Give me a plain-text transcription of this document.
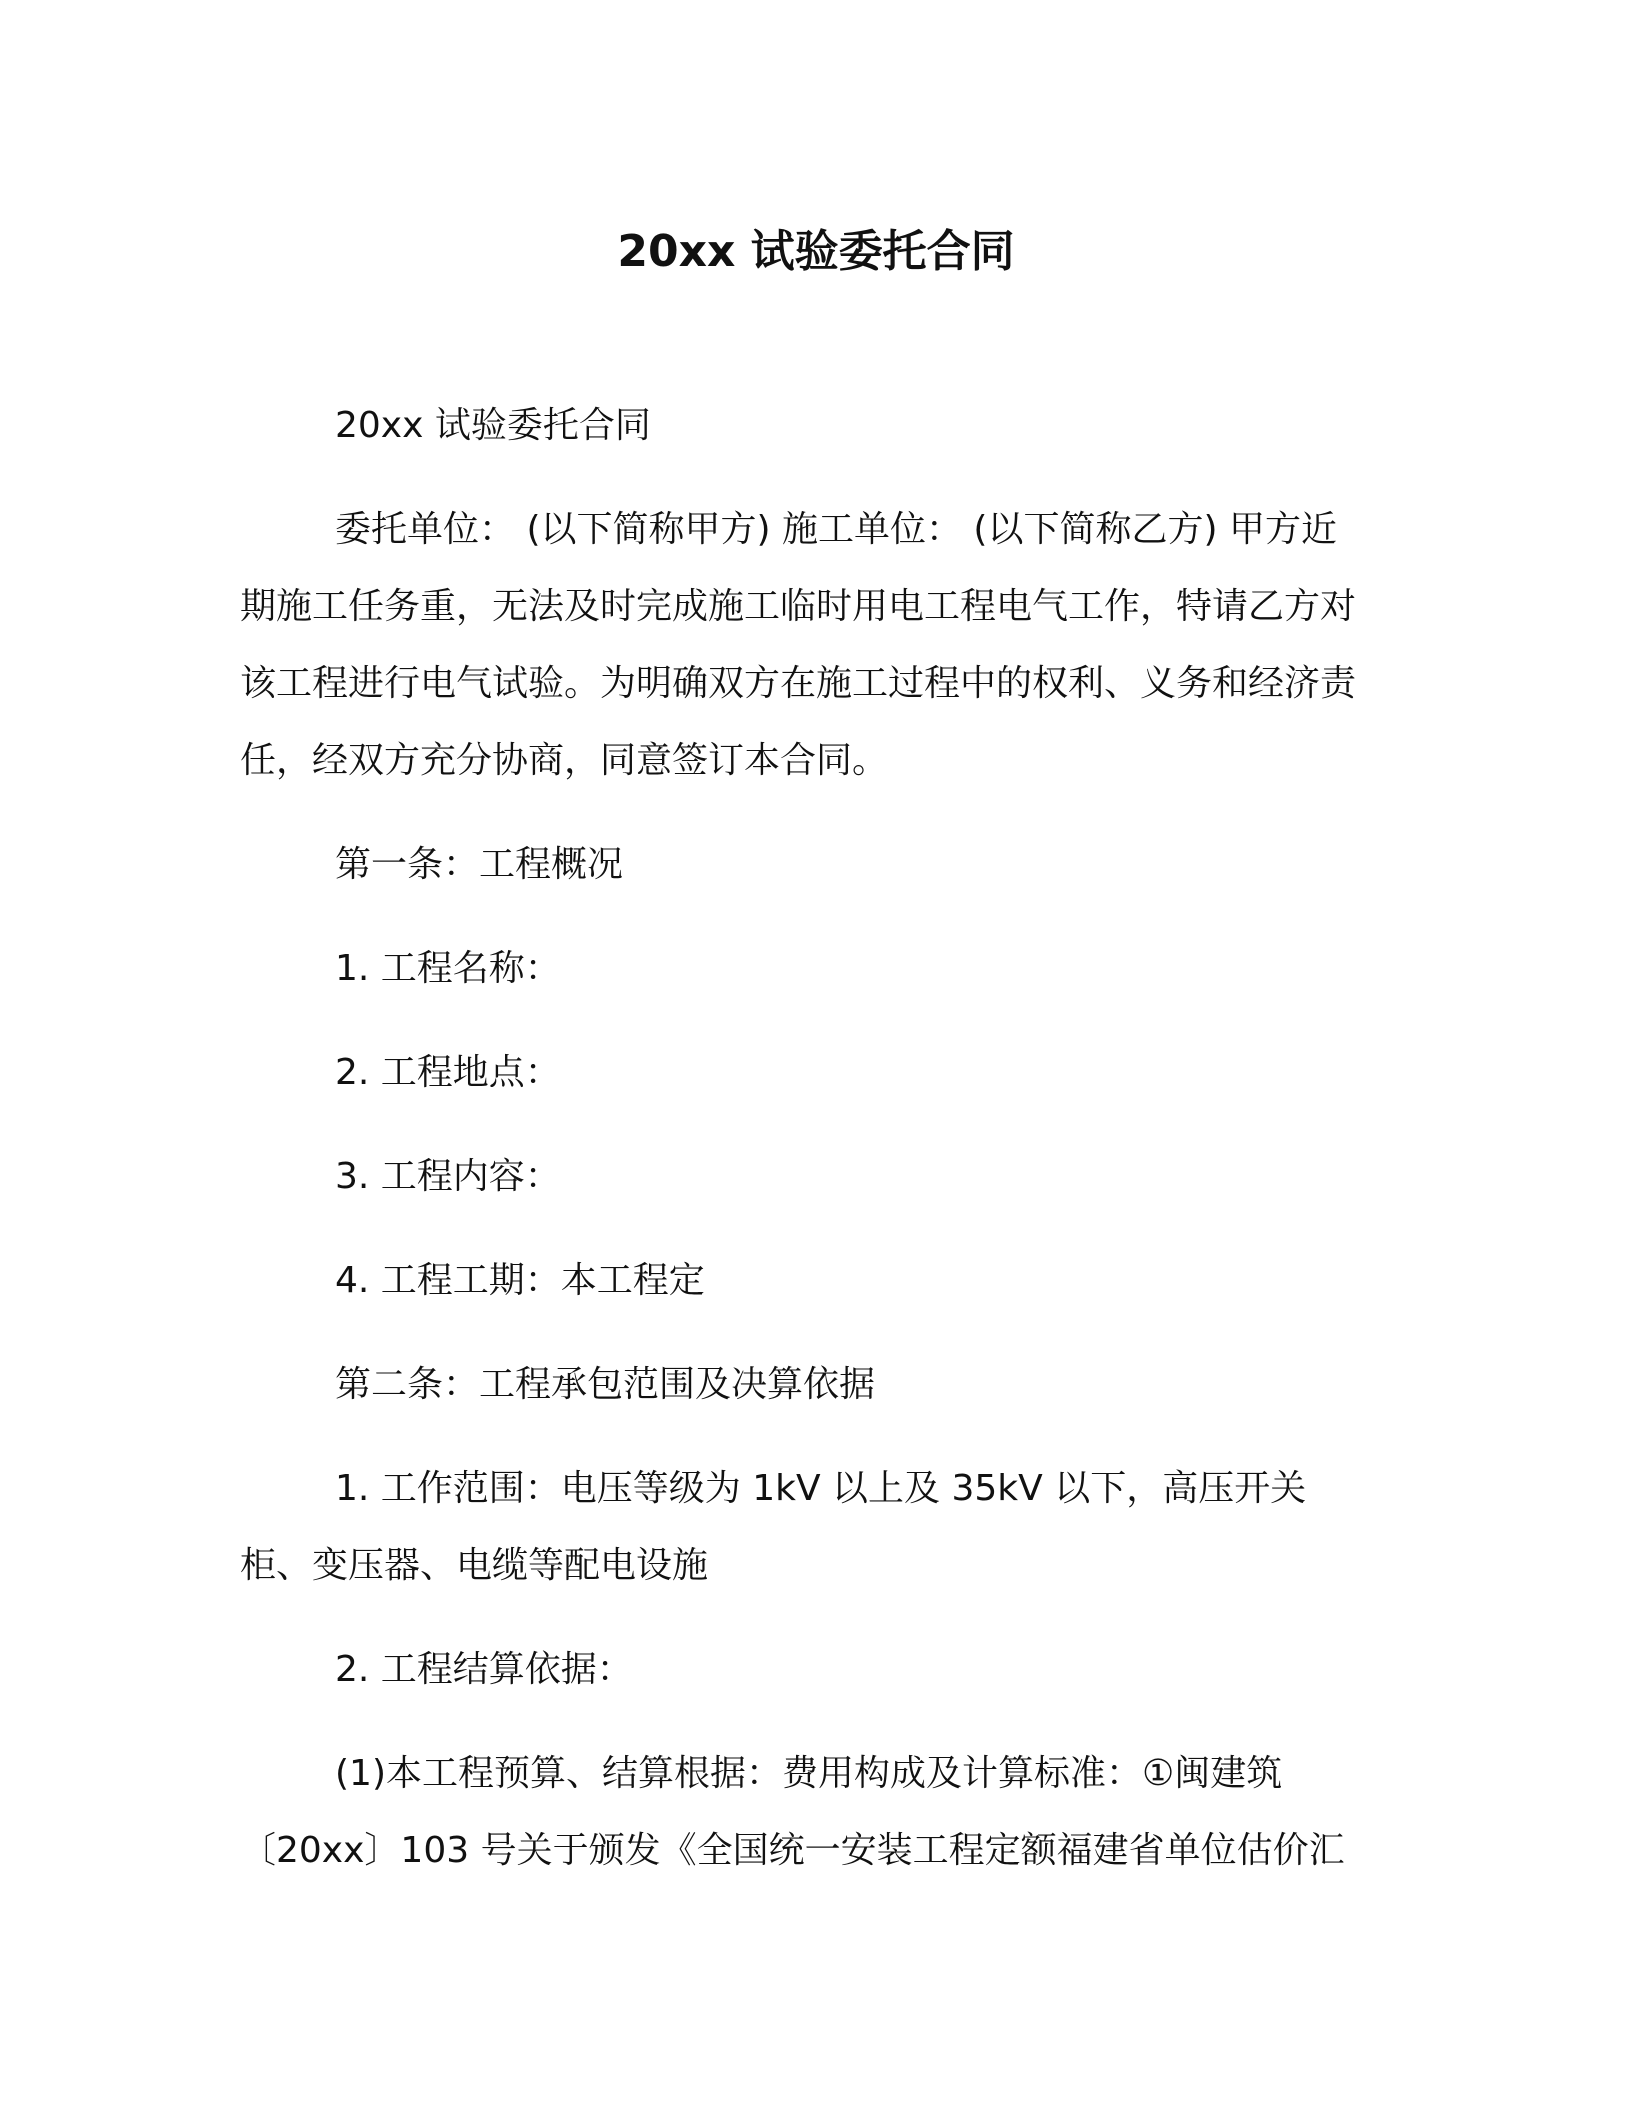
20xx 试验委托合同

20xx 试验委托合同

委托单位： (以下简称甲方) 施工单位： (以下简称乙方) 甲方近期施工任务重，无法及时完成施工临时用电工程电气工作，特请乙方对该工程进行电气试验。为明确双方在施工过程中的权利、义务和经济责任，经双方充分协商，同意签订本合同。

第一条：工程概况

1. 工程名称：

2. 工程地点：

3. 工程内容：

4. 工程工期：本工程定

第二条：工程承包范围及决算依据

1. 工作范围：电压等级为 1kV 以上及 35kV 以下，高压开关柜、变压器、电缆等配电设施

2. 工程结算依据：

(1)本工程预算、结算根据：费用构成及计算标准：①闽建筑〔20xx〕103 号关于颁发《全国统一安装工程定额福建省单位估价汇
